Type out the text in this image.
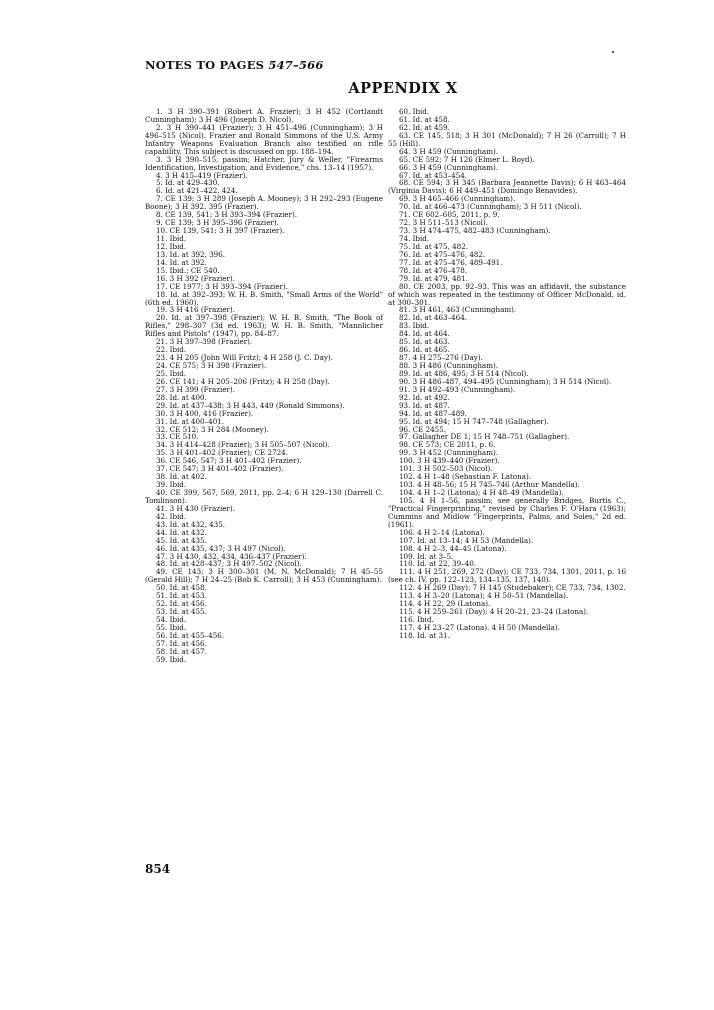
NOTES TO PAGES 547–566
APPENDIX X

1. 3 H 390–391 (Robert A. Frazier); 3 H 452 (Cortlandt Cunningham); 3 H 496 (Joseph D. Nicol).

2. 3 H 390–441 (Frazier); 3 H 451–496 (Cunningham); 3 H 496–515 (Nicol). Frazier and Ronald Simmons of the U.S. Army Infantry Weapons Evaluation Branch also testified on rifle capability. This subject is discussed on pp. 188–194.

3. 3 H 390–515, passim; Hatcher, Jury & Weller, "Firearms Identification, Investigation, and Evidence," chs. 13–14 (1957).

4. 3 H 415–419 (Frazier).

5. Id. at 429–430.

6. Id. at 421–422, 424.

7. CE 139; 3 H 289 (Joseph A. Mooney); 3 H 292–293 (Eugene Boone); 3 H 392, 395 (Frazier).

8. CE 139, 541; 3 H 393–394 (Frazier).

9. CE 139; 3 H 395–396 (Frazier).

10. CE 139, 541; 3 H 397 (Frazier).

11. Ibid.

12. Ibid.

13. Id. at 392, 396.

14. Id. at 392.

15. Ibid.; CE 540.

16. 3 H 392 (Frazier).

17. CE 1977; 3 H 393–394 (Frazier).

18. Id. at 392–393; W. H. B. Smith, "Small Arms of the World" (6th ed. 1960).

19. 3 H 416 (Frazier).

20. Id. at 397–398 (Frazier); W. H. B. Smith, "The Book of Rifles," 298–307 (3d ed. 1963); W. H. B. Smith, "Mannlicher Rifles and Pistols" (1947), pp. 84–87.

21. 3 H 397–398 (Frazier).

22. Ibid.

23. 4 H 205 (John Will Fritz); 4 H 258 (J. C. Day).

24. CE 575; 3 H 398 (Frazier).

25. Ibid.

26. CE 141; 4 H 205–206 (Fritz); 4 H 258 (Day).

27. 3 H 399 (Frazier).

28. Id. at 400.

29. Id. at 437–438; 3 H 443, 449 (Ronald Simmons).

30. 3 H 400, 416 (Frazier).

31. Id. at 400–401.

32. CE 512; 3 H 284 (Mooney).

33. CE 510.

34. 3 H 414–428 (Frazier); 3 H 505–507 (Nicol).

35. 3 H 401–402 (Frazier); CE 2724.

36. CE 546, 547; 3 H 401–402 (Frazier).

37. CE 547; 3 H 401–402 (Frazier).

38. Id. at 402.

39. Ibid.

40. CE 399, 567, 569, 2011, pp. 2–4; 6 H 129–130 (Darrell C. Tomlinson).

41. 3 H 430 (Frazier).

42. Ibid.

43. Id. at 432, 435.

44. Id. at 432.

45. Id. at 435.

46. Id. at 435, 437; 3 H 497 (Nicol).

47. 3 H 430, 432, 434, 436–437 (Frazier).

48. Id. at 428–437; 3 H 497–502 (Nicol).

49. CE 143; 3 H 300–301 (M. N. McDonald); 7 H 45–55 (Gerald Hill); 7 H 24–25 (Bob K. Carroll); 3 H 453 (Cunningham).

50. Id. at 458.

51. Id. at 453.

52. Id. at 456.

53. Id. at 455.

54. Ibid.

55. Ibid.

56. Id. at 455–456.

57. Id. at 456.

58. Id. at 457.

59. Ibid.

60. Ibid.

61. Id. at 458.

62. Id. at 459.

63. CE 145, 518; 3 H 301 (McDonald); 7 H 26 (Carroll); 7 H 55 (Hill).

64. 3 H 459 (Cunningham).

65. CE 592; 7 H 126 (Elmer L. Boyd).

66. 3 H 459 (Cunningham).

67. Id. at 453–454.

68. CE 594; 3 H 345 (Barbara Jeannette Davis); 6 H 463–464 (Virginia Davis); 6 H 449–451 (Domingo Benavides).

69. 3 H 465–466 (Cunningham).

70. Id. at 466–473 (Cunningham); 3 H 511 (Nicol).

71. CE 602–605, 2011, p. 9.

72. 3 H 511–513 (Nicol).

73. 3 H 474–475, 482–483 (Cunningham).

74. Ibid.

75. Id. at 475, 482.

76. Id. at 475–476, 482.

77. Id. at 475–476, 489–491.

78. Id. at 476–478.

79. Id. at 479, 481.

80. CE 2003, pp. 92–93. This was an affidavit, the substance of which was repeated in the testimony of Officer McDonald, id. at 300–301.

81. 3 H 461, 463 (Cunningham).

82. Id. at 463–464.

83. Ibid.

84. Id. at 464.

85. Id. at 463.

86. Id. at 465.

87. 4 H 275–276 (Day).

88. 3 H 486 (Cunningham).

89. Id. at 486, 495; 3 H 514 (Nicol).

90. 3 H 486–487, 494–495 (Cunningham); 3 H 514 (Nicol).

91. 3 H 492–493 (Cunningham).

92. Id. at 492.

93. Id. at 487.

94. Id. at 487–489.

95. Id. at 494; 15 H 747–748 (Gallagher).

96. CE 2455.

97. Gallagher DE 1; 15 H 748–751 (Gallagher).

98. CE 573; CE 2011, p. 6.

99. 3 H 452 (Cunningham).

100. 3 H 439–440 (Frazier).

101. 3 H 502–503 (Nicol).

102. 4 H 1–48 (Sebastian F. Latona).

103. 4 H 48–56; 15 H 745–746 (Arthur Mandella).

104. 4 H 1–2 (Latona); 4 H 48–49 (Mandella).

105. 4 H 1–56, passim; see generally Bridges, Burtis C., "Practical Fingerprinting," revised by Charles F. O'Hara (1963); Cummins and Midlow "Fingerprints, Palms, and Soles," 2d ed. (1961).

106. 4 H 2–14 (Latona).

107. Id. at 13–14; 4 H 53 (Mandella).

108. 4 H 2–3, 44–45 (Latona).

109. Id. at 3–5.

110. Id. at 22, 39–40.

111. 4 H 251, 269, 272 (Day); CE 733, 734, 1301, 2011, p. 16 (see ch. IV, pp. 122–123, 134–135, 137, 140).

112. 4 H 269 (Day); 7 H 145 (Studebaker); CE 733, 734, 1302.

113. 4 H 3–20 (Latona); 4 H 50–51 (Mandella).

114. 4 H 22, 29 (Latona).

115. 4 H 259–261 (Day); 4 H 20–21, 23–24 (Latona).

116. Ibid.

117. 4 H 23–27 (Latona). 4 H 50 (Mandella).

118. Id. at 31.

854
